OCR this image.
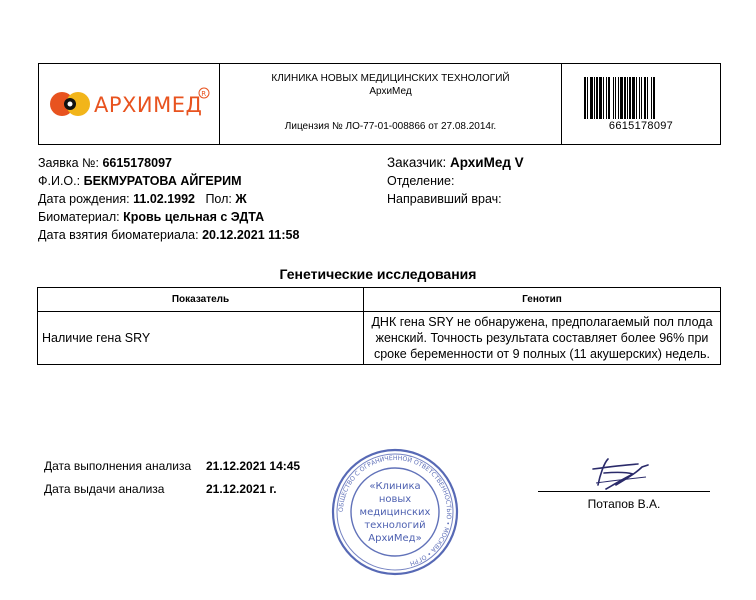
АРХИМЕД
R
КЛИНИКА НОВЫХ МЕДИЦИНСКИХ ТЕХНОЛОГИЙ
АрхиМед
Лицензия № ЛО-77-01-008866 от 27.08.2014г.	6615178097
Заявка №: 6615178097
Ф.И.О.: БЕКМУРАТОВА АЙГЕРИМ
Дата рождения: 11.02.1992 Пол: Ж
Биоматериал: Кровь цельная с ЭДТА
Дата взятия биоматериала: 20.12.2021 11:58
Заказчик: АрхиМед V
Отделение:
Направивший врач:
Генетические исследования
Показатель	Генотип
Наличие гена SRY	ДНК гена SRY не обнаружена, предполагаемый пол плода женский. Точность результата составляет более 96% при сроке беременности от 9 полных (11 акушерских) недель.
Дата выполнения анализа	21.12.2021 14:45
Дата выдачи анализа	21.12.2021 г.
ОБЩЕСТВО С ОГРАНИЧЕННОЙ ОТВЕТСТВЕННОСТЬЮ • МОСКВА • ОГРН
«Клиника
новых
медицинских
технологий
АрхиМед»
Потапов В.А.
